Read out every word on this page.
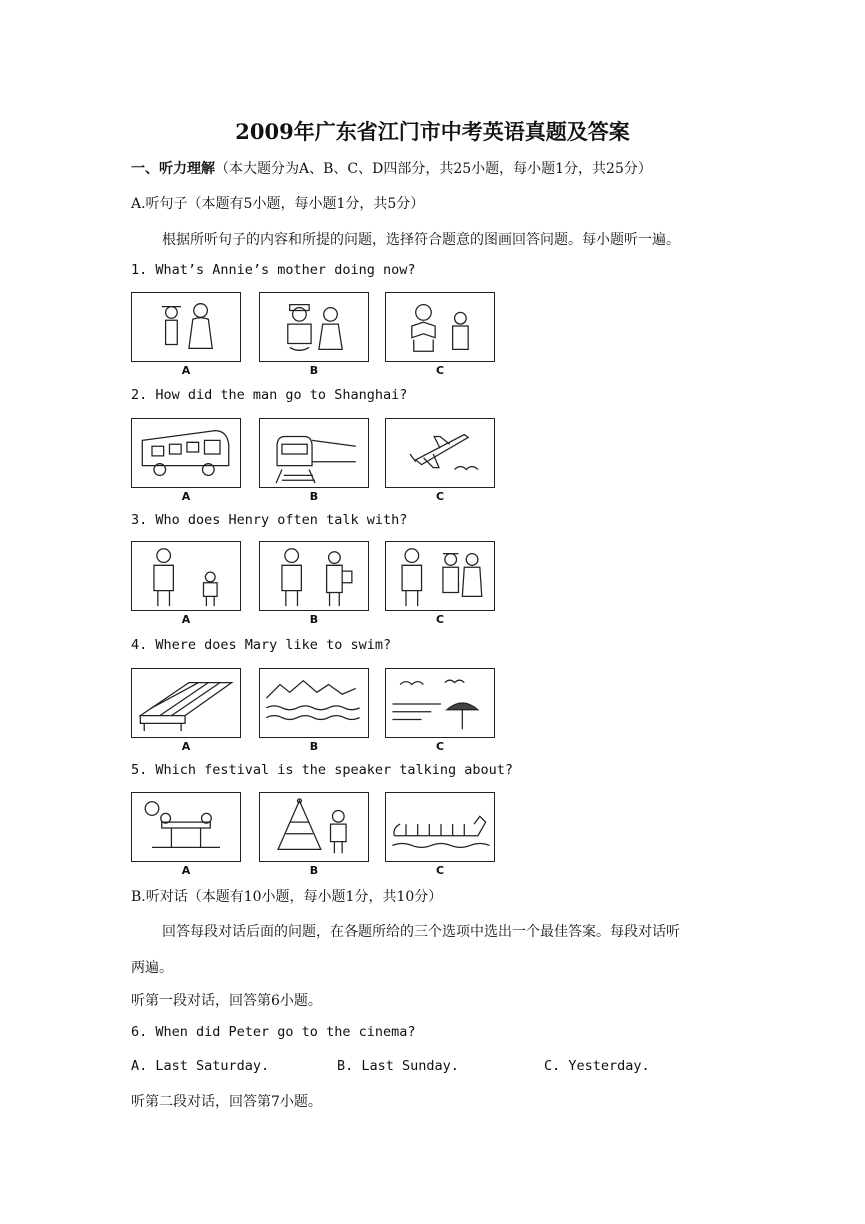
2009年广东省江门市中考英语真题及答案
一、听力理解（本大题分为A、B、C、D四部分，共25小题，每小题1分，共25分）
A.听句子（本题有5小题，每小题1分，共5分）
根据所听句子的内容和所提的问题，选择符合题意的图画回答问题。每小题听一遍。
1. What’s Annie’s mother doing now?
A	B	C
2. How did the man go to Shanghai?
A	B	C
3. Who does Henry often talk with?
A	B	C
4. Where does Mary like to swim?
A	B	C
5. Which festival is the speaker talking about?
A	B	C
B.听对话（本题有10小题，每小题1分，共10分）
回答每段对话后面的问题，在各题所给的三个选项中选出一个最佳答案。每段对话听
两遍。
听第一段对话，回答第6小题。
6. When did Peter go to the cinema?
A. Last Saturday.	B. Last Sunday.	C. Yesterday.
听第二段对话，回答第7小题。
